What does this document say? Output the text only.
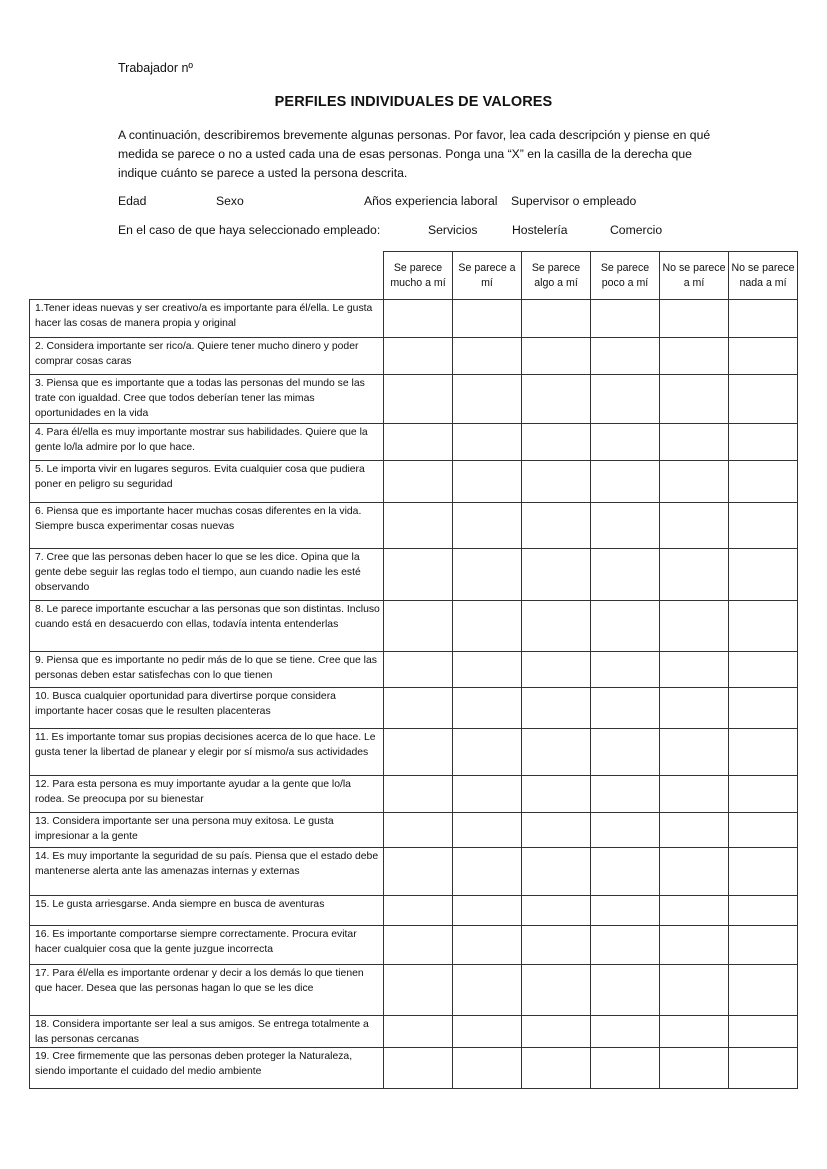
Trabajador nº
PERFILES INDIVIDUALES DE VALORES
A continuación, describiremos brevemente algunas personas. Por favor, lea cada descripción y piense en qué medida se parece o no a usted cada una de esas personas. Ponga una “X” en la casilla de la derecha que indique cuánto se parece a usted la persona descrita.
Edad	Sexo	Años experiencia laboral Supervisor o empleado
En el caso de que haya seleccionado empleado:	Servicios	Hostelería	Comercio
	Se parece mucho a mí	Se parece a mí	Se parece algo a mí	Se parece poco a mí	No se parece a mí	No se parece nada a mí
1.Tener ideas nuevas y ser creativo/a es importante para él/ella. Le gusta hacer las cosas de manera propia y original						
2. Considera importante ser rico/a. Quiere tener mucho dinero y poder comprar cosas caras						
3. Piensa que es importante que a todas las personas del mundo se las trate con igualdad. Cree que todos deberían tener las mimas oportunidades en la vida						
4. Para él/ella es muy importante mostrar sus habilidades. Quiere que la gente lo/la admire por lo que hace.						
5. Le importa vivir en lugares seguros. Evita cualquier cosa que pudiera poner en peligro su seguridad						
6. Piensa que es importante hacer muchas cosas diferentes en la vida. Siempre busca experimentar cosas nuevas						
7. Cree que las personas deben hacer lo que se les dice. Opina que la gente debe seguir las reglas todo el tiempo, aun cuando nadie les esté observando						
8. Le parece importante escuchar a las personas que son distintas. Incluso cuando está en desacuerdo con ellas, todavía intenta entenderlas						
9. Piensa que es importante no pedir más de lo que se tiene. Cree que las personas deben estar satisfechas con lo que tienen						
10. Busca cualquier oportunidad para divertirse porque considera importante hacer cosas que le resulten placenteras						
11. Es importante tomar sus propias decisiones acerca de lo que hace. Le gusta tener la libertad de planear y elegir por sí mismo/a sus actividades						
12. Para esta persona es muy importante ayudar a la gente que lo/la rodea. Se preocupa por su bienestar						
13. Considera importante ser una persona muy exitosa. Le gusta impresionar a la gente						
14. Es muy importante la seguridad de su país. Piensa que el estado debe mantenerse alerta ante las amenazas internas y externas						
15. Le gusta arriesgarse. Anda siempre en busca de aventuras						
16. Es importante comportarse siempre correctamente. Procura evitar hacer cualquier cosa que la gente juzgue incorrecta						
17. Para él/ella es importante ordenar y decir a los demás lo que tienen que hacer. Desea que las personas hagan lo que se les dice						
18. Considera importante ser leal a sus amigos. Se entrega totalmente a las personas cercanas						
19. Cree firmemente que las personas deben proteger la Naturaleza, siendo importante el cuidado del medio ambiente						
